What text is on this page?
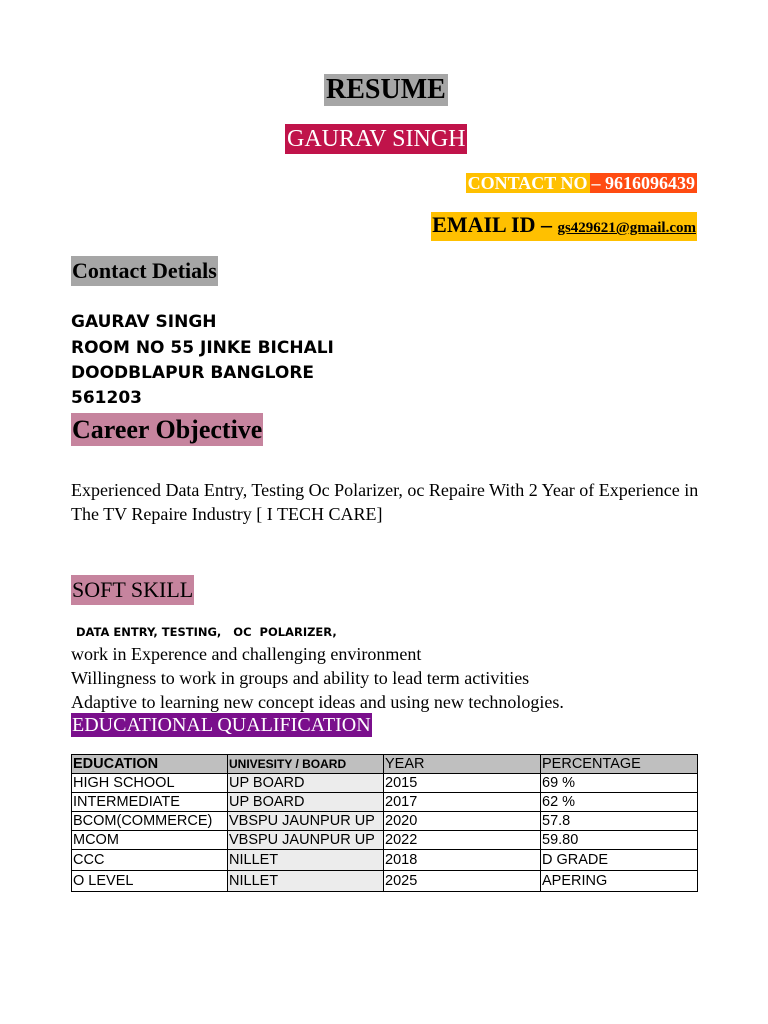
RESUME
GAURAV SINGH
CONTACT NO – 9616096439
EMAIL ID – gs429621@gmail.com
Contact Detials
GAURAV SINGH
ROOM NO 55 JINKE BICHALI
DOODBLAPUR BANGLORE
561203
Career Objective
Experienced Data Entry, Testing Oc Polarizer, oc Repaire With 2 Year of Experience in The TV Repaire Industry [ I TECH CARE]
SOFT SKILL
DATA ENTRY, TESTING,   OC  POLARIZER,
work in Experence and challenging environment
Willingness to work in groups and ability to lead term activities
Adaptive to learning new concept ideas and using new technologies.
EDUCATIONAL QUALIFICATION
EDUCATION	UNIVESITY / BOARD	YEAR	PERCENTAGE
HIGH SCHOOL	UP BOARD	2015	69 %
INTERMEDIATE	UP BOARD	2017	62 %
BCOM(COMMERCE)	VBSPU JAUNPUR UP	2020	57.8
MCOM	VBSPU JAUNPUR UP	2022	59.80
CCC	NILLET	2018	D GRADE
O LEVEL	NILLET	2025	APERING
